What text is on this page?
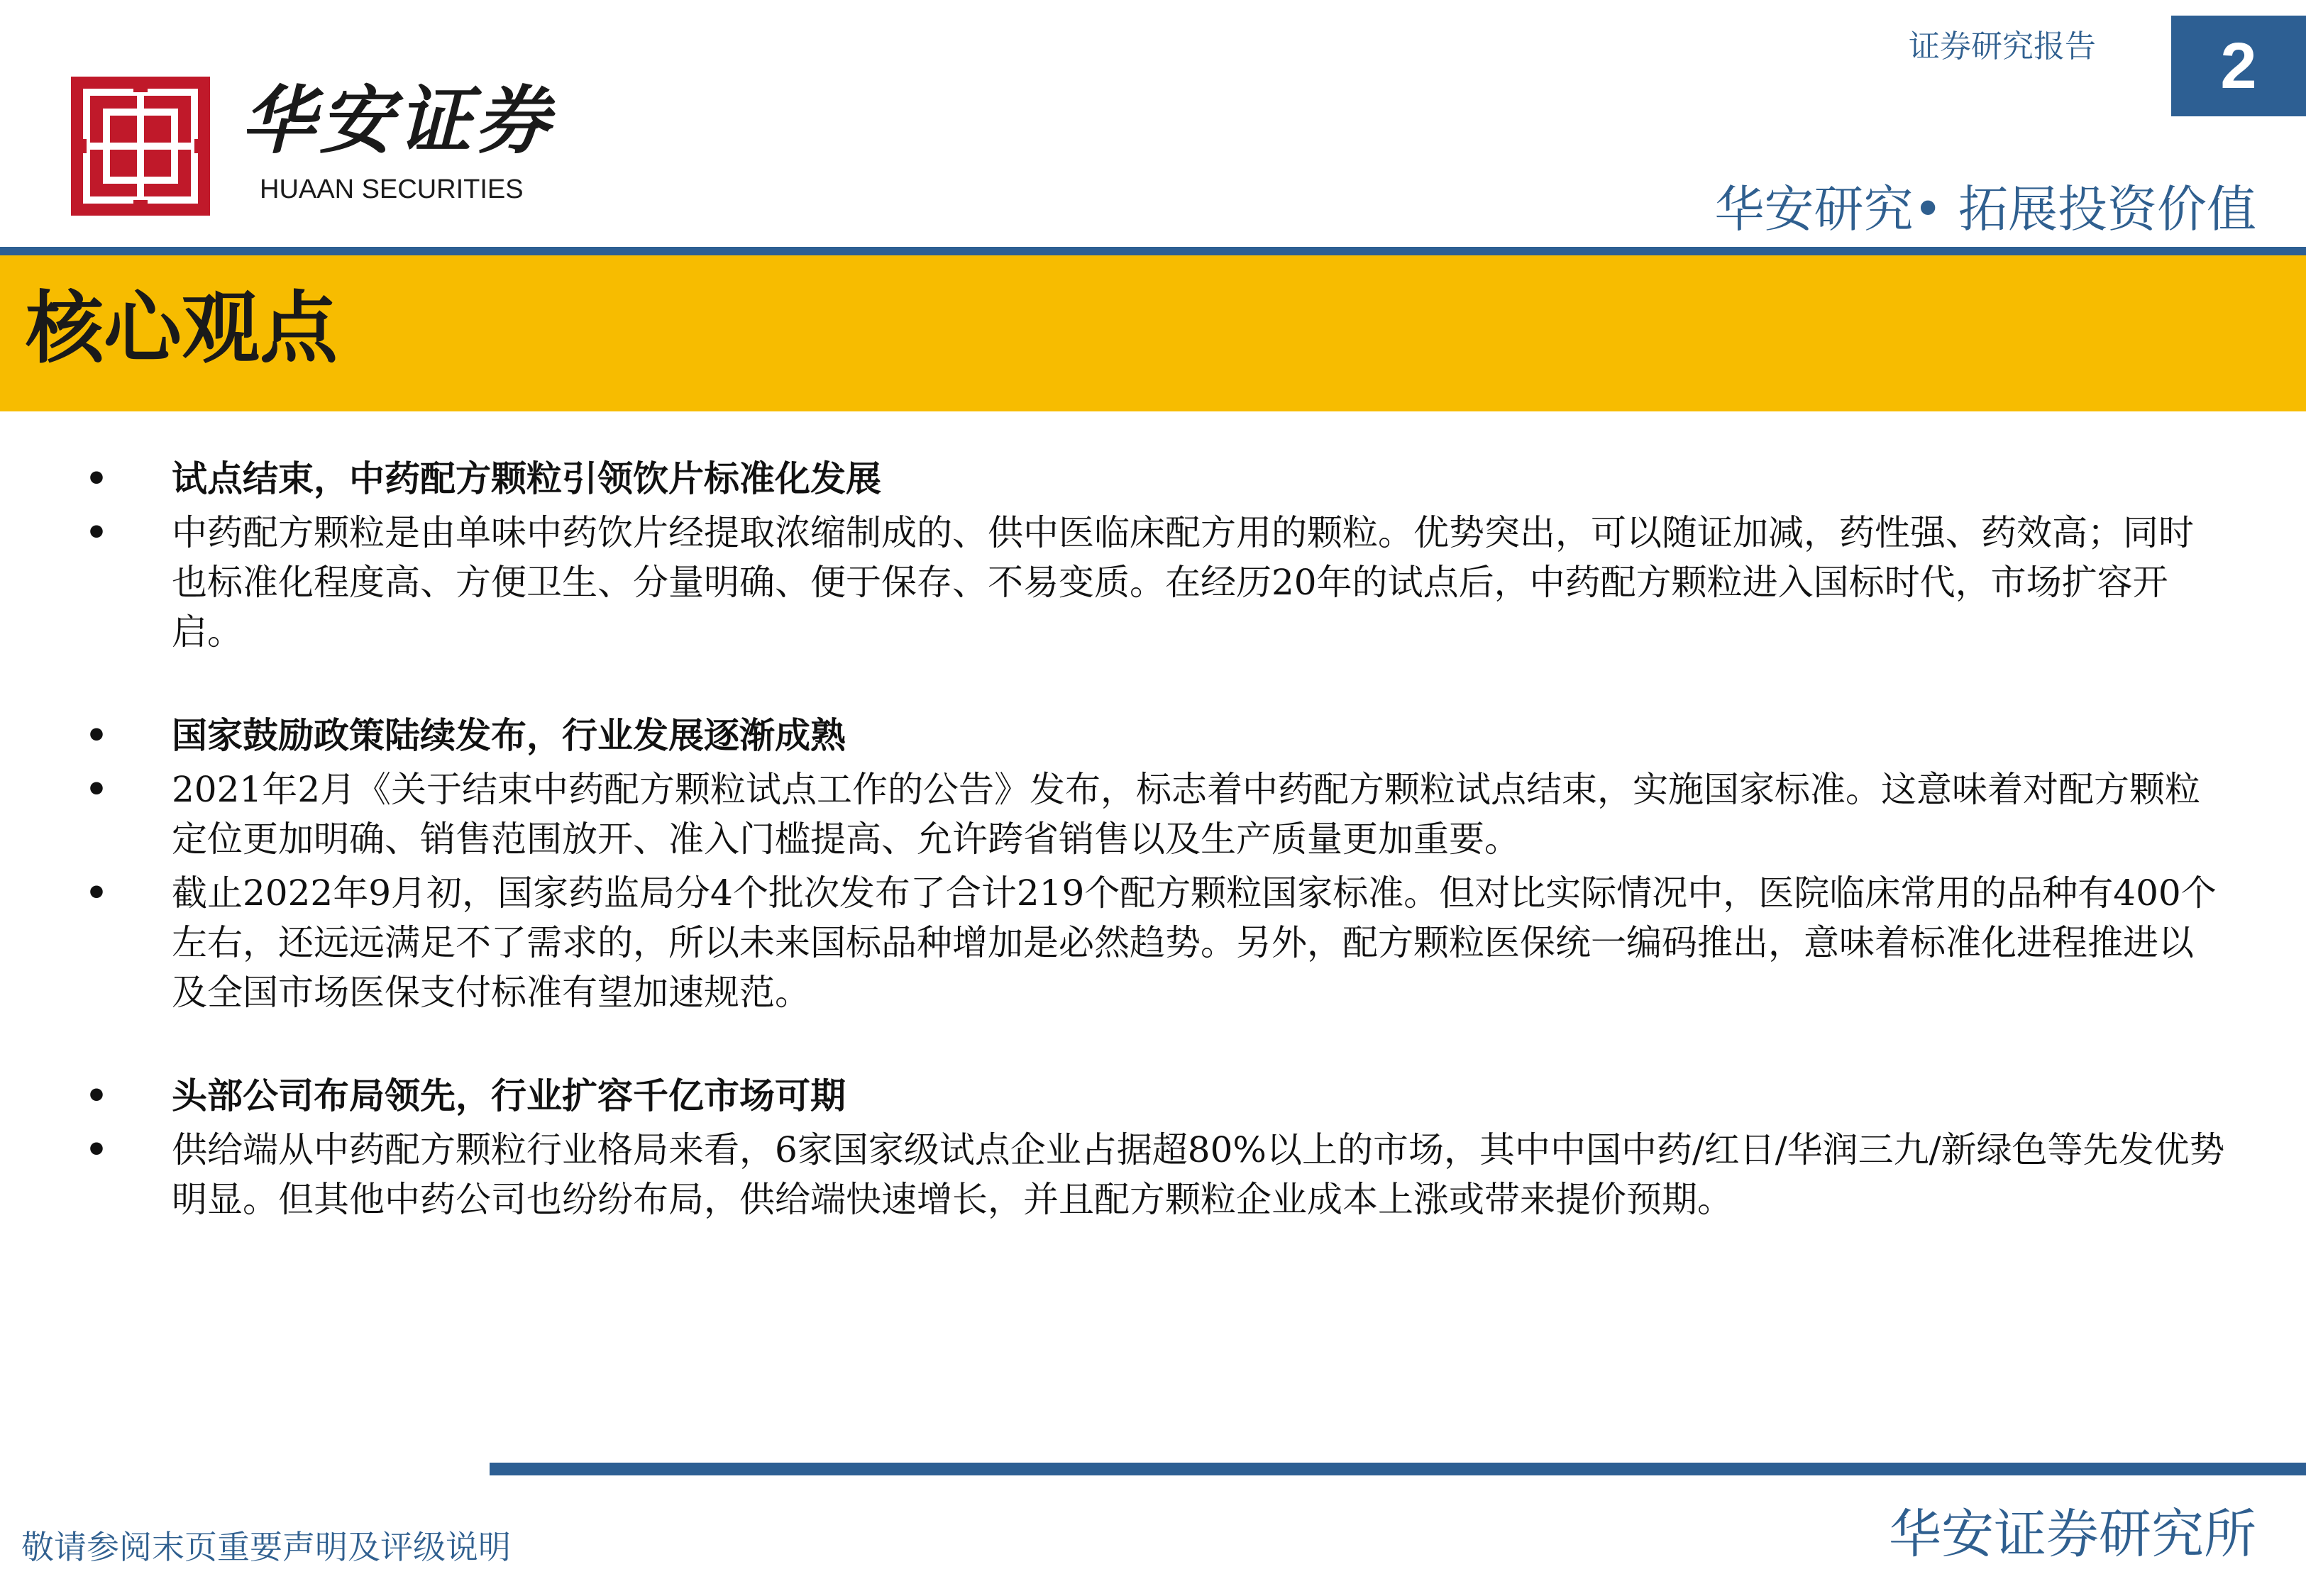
华安证券
HUAAN SECURITIES
证券研究报告	2
华安研究• 拓展投资价值
核心观点
• 试点结束，中药配方颗粒引领饮片标准化发展
• 中药配方颗粒是由单味中药饮片经提取浓缩制成的、供中医临床配方用的颗粒。优势突出，可以随证加减，药性强、药效高；同时也标准化程度高、方便卫生、分量明确、便于保存、不易变质。在经历20年的试点后，中药配方颗粒进入国标时代，市场扩容开启。
• 国家鼓励政策陆续发布，行业发展逐渐成熟
• 2021年2月《关于结束中药配方颗粒试点工作的公告》发布，标志着中药配方颗粒试点结束，实施国家标准。这意味着对配方颗粒定位更加明确、销售范围放开、准入门槛提高、允许跨省销售以及生产质量更加重要。
• 截止2022年9月初，国家药监局分4个批次发布了合计219个配方颗粒国家标准。但对比实际情况中，医院临床常用的品种有400个左右，还远远满足不了需求的，所以未来国标品种增加是必然趋势。另外，配方颗粒医保统一编码推出，意味着标准化进程推进以及全国市场医保支付标准有望加速规范。
• 头部公司布局领先，行业扩容千亿市场可期
• 供给端从中药配方颗粒行业格局来看，6家国家级试点企业占据超80%以上的市场，其中中国中药/红日/华润三九/新绿色等先发优势明显。但其他中药公司也纷纷布局，供给端快速增长，并且配方颗粒企业成本上涨或带来提价预期。
敬请参阅末页重要声明及评级说明	华安证券研究所
